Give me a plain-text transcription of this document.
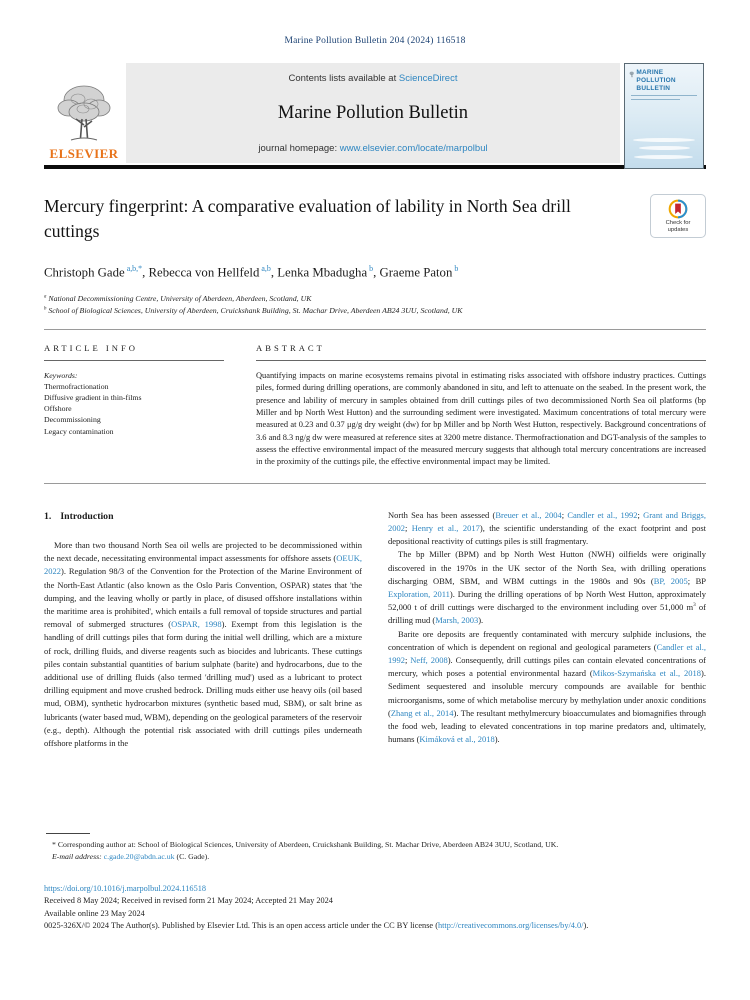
Marine Pollution Bulletin 204 (2024) 116518
ELSEVIER
Contents lists available at ScienceDirect
Marine Pollution Bulletin
journal homepage: www.elsevier.com/locate/marpolbul
MARINE POLLUTION BULLETIN
Mercury fingerprint: A comparative evaluation of lability in North Sea drill cuttings	Check for
updates
Christoph Gade $^{a,b,*}$, Rebecca von Hellfeld $^{a,b}$, Lenka Mbadugha $^b$, Graeme Paton $^b$
$^a$ National Decommissioning Centre, University of Aberdeen, Aberdeen, Scotland, UK
$^b$ School of Biological Sciences, University of Aberdeen, Cruickshank Building, St. Machar Drive, Aberdeen AB24 3UU, Scotland, UK
ARTICLE INFO
Keywords:
Thermofractionation
Diffusive gradient in thin-films
Offshore
Decommissioning
Legacy contamination
ABSTRACT

Quantifying impacts on marine ecosystems remains pivotal in estimating risks associated with offshore industry practices. Cuttings piles, formed during drilling operations, are commonly abandoned in situ, and left to attenuate on the seabed. In the present work, the presence and lability of mercury in samples obtained from drill cuttings piles of two decommissioned North Sea oil platforms (bp Miller and bp North West Hutton) and the surrounding sediment were investigated. Maximum concentrations of total mercury were measured at 0.23 and 0.37 μg/g dry weight (dw) for bp Miller and bp North West Hutton, respectively. Background concentrations of 3.6 and 8.3 ng/g dw were measured at reference sites at 3200 metre distance. Thermofractionation and DGT-analysis of the samples to assess the effective environmental impact of the measured mercury suggests that although total mercury concentrations are increased in the proximity of the cuttings pile, the effective environmental impact may be limited.

1. Introduction

More than two thousand North Sea oil wells are projected to be decommissioned within the next decade, necessitating environmental impact assessments for offshore assets (OEUK, 2022). Regulation 98/3 of the Convention for the Protection of the Marine Environment of the North-East Atlantic (also known as the Oslo Paris Convention, OSPAR) states that 'the dumping, and the leaving wholly or partly in place, of disused offshore installations within the maritime area is prohibited', which entails a full removal of topside structures and partial removal of submerged structures (OSPAR, 1998). Exempt from this legislation is the handling of drill cuttings piles that form during the initial well drilling, which are a mixture of rock, drilling fluids, and diverse reagents such as biocides and lubricants. These cuttings piles contain substantial quantities of barium sulphate (barite) and hydrocarbons, due to the additional use of drilling fluids (also termed 'drilling mud') used as a lubricant to protect drilling equipment and move crushed bedrock. Drilling muds either use heavy oils (oil based mud, OBM), synthetic hydrocarbon mixtures (synthetic based mud, SBM), or salt brine as lubricants (water based mud, WBM), depending on the geological parameters of the reservoir (e.g., depth). Although the potential risk associated with drill cuttings piles underneath offshore platforms in the

North Sea has been assessed (Breuer et al., 2004; Candler et al., 1992; Grant and Briggs, 2002; Henry et al., 2017), the scientific understanding of the exact footprint and post depositional reactivity of cuttings piles is still fragmentary.

The bp Miller (BPM) and bp North West Hutton (NWH) oilfields were originally discovered in the 1970s in the UK sector of the North Sea, with drilling operations discharging OBM, SBM, and WBM cuttings in the 1980s and 90s (BP, 2005; BP Exploration, 2011). During the drilling operations of bp North West Hutton, approximately 52,000 t of drill cuttings were discharged to the environment including over 51,000 $m^3$ of drilling mud (Marsh, 2003).

Barite ore deposits are frequently contaminated with mercury sulphide inclusions, the concentration of which is dependent on regional and geological parameters (Candler et al., 1992; Neff, 2008). Consequently, drill cuttings piles can contain elevated concentrations of mercury, which poses a potential environmental hazard (Mikos-Szymańska et al., 2018). Sediment sequestered and insoluble mercury compounds are available for benthic microorganisms, some of which metabolise mercury by methylation under anoxic conditions (Zhang et al., 2014). The resultant methylmercury bioaccumulates and biomagnifies through the food web, leading to elevated concentrations in top marine predators and, ultimately, humans (Kimáková et al., 2018).

* Corresponding author at: School of Biological Sciences, University of Aberdeen, Cruickshank Building, St. Machar Drive, Aberdeen AB24 3UU, Scotland, UK.
E-mail address: c.gade.20@abdn.ac.uk (C. Gade).
https://doi.org/10.1016/j.marpolbul.2024.116518
Received 8 May 2024; Received in revised form 21 May 2024; Accepted 21 May 2024
Available online 23 May 2024
0025-326X/© 2024 The Author(s). Published by Elsevier Ltd. This is an open access article under the CC BY license (http://creativecommons.org/licenses/by/4.0/).
